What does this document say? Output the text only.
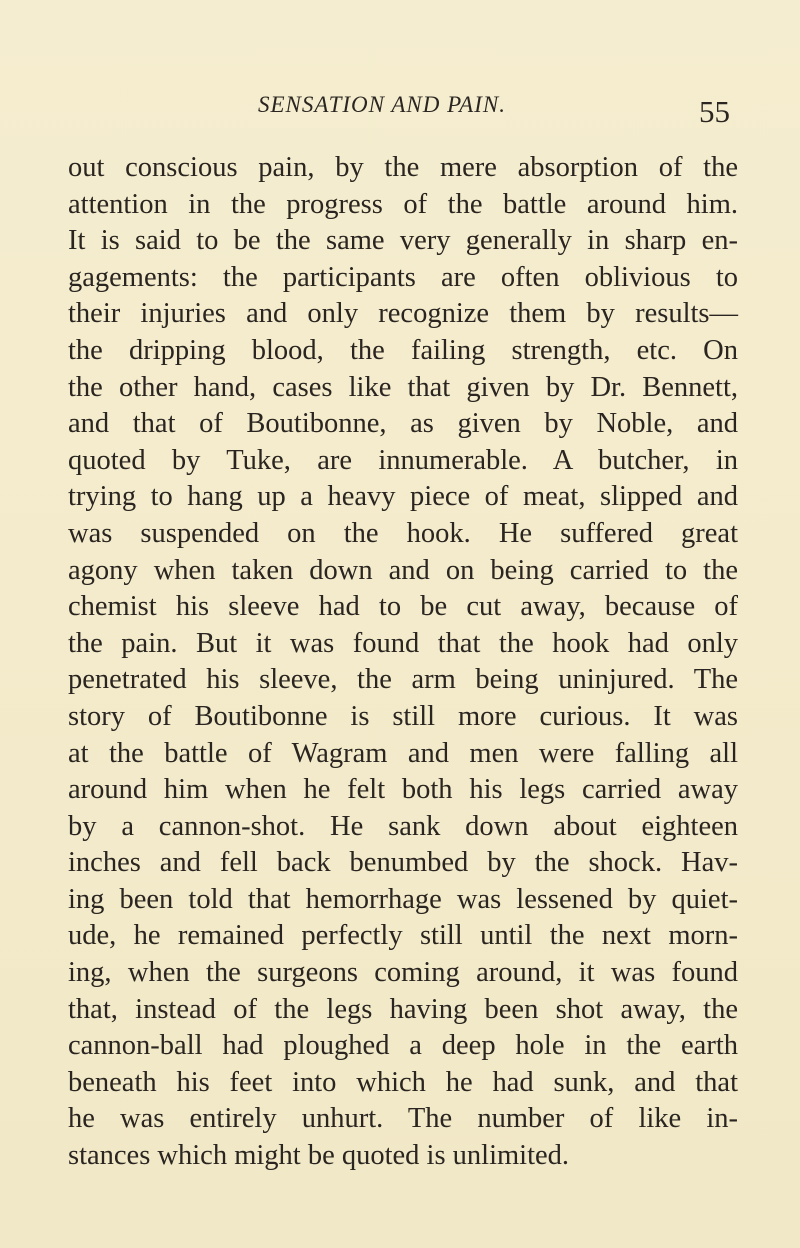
SENSATION AND PAIN.	55
out conscious pain, by the mere absorption of the
attention in the progress of the battle around him.
It is said to be the same very generally in sharp en-
gagements: the participants are often oblivious to
their injuries and only recognize them by results—
the dripping blood, the failing strength, etc. On
the other hand, cases like that given by Dr. Bennett,
and that of Boutibonne, as given by Noble, and
quoted by Tuke, are innumerable. A butcher, in
trying to hang up a heavy piece of meat, slipped and
was suspended on the hook. He suffered great
agony when taken down and on being carried to the
chemist his sleeve had to be cut away, because of
the pain. But it was found that the hook had only
penetrated his sleeve, the arm being uninjured. The
story of Boutibonne is still more curious. It was
at the battle of Wagram and men were falling all
around him when he felt both his legs carried away
by a cannon-shot. He sank down about eighteen
inches and fell back benumbed by the shock. Hav-
ing been told that hemorrhage was lessened by quiet-
ude, he remained perfectly still until the next morn-
ing, when the surgeons coming around, it was found
that, instead of the legs having been shot away, the
cannon-ball had ploughed a deep hole in the earth
beneath his feet into which he had sunk, and that
he was entirely unhurt. The number of like in-
stances which might be quoted is unlimited.
